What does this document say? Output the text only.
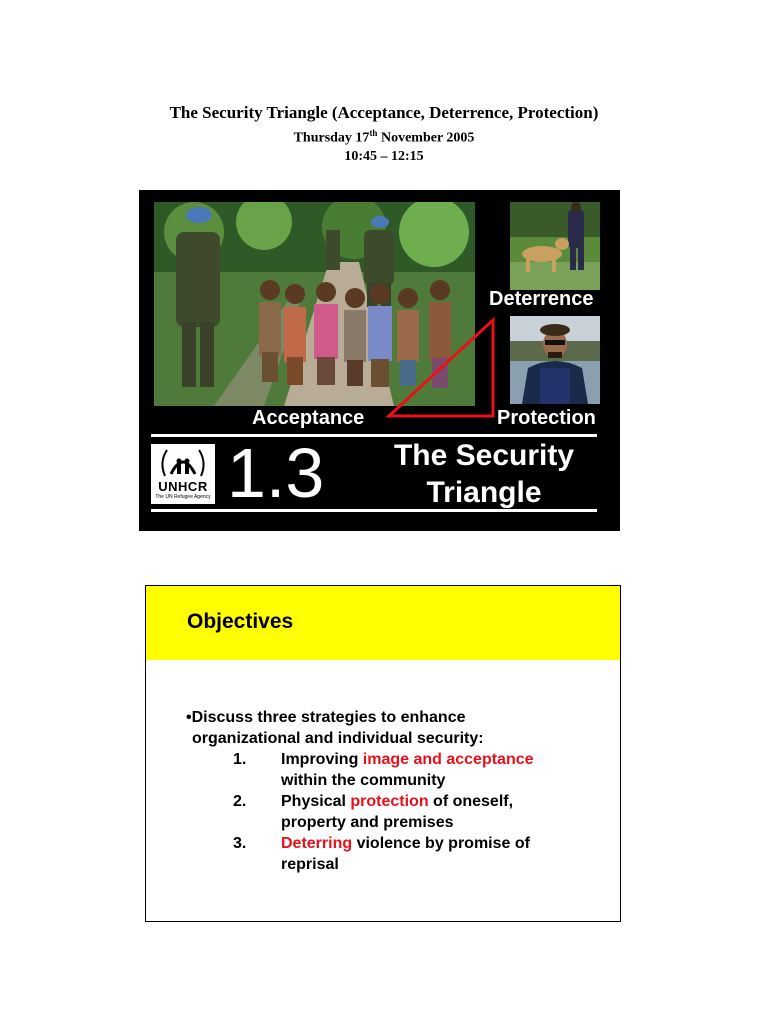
The Security Triangle (Acceptance, Deterrence, Protection)
Thursday 17th November 2005
10:45 – 12:15
Deterrence
Acceptance	Protection
UNHCR
The UN Refugee Agency 1.3	The Security
Triangle
Objectives
•Discuss three strategies to enhance
organizational and individual security:
1. Improving image and acceptance
within the community
2. Physical protection of oneself,
property and premises
3. Deterring violence by promise of
reprisal
